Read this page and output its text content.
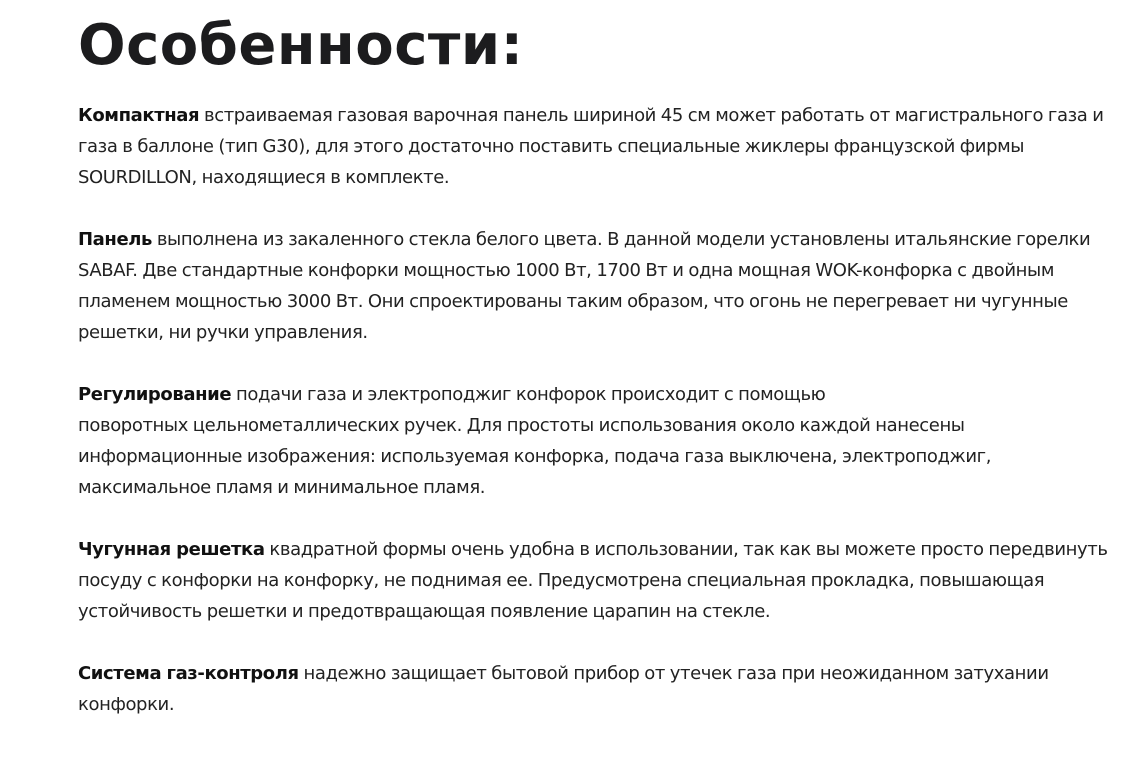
Особенности:

Компактная встраиваемая газовая варочная панель шириной 45 см может работать от магистрального газа и газа в баллоне (тип G30), для этого достаточно поставить специальные жиклеры французской фирмы SOURDILLON, находящиеся в комплекте.

Панель выполнена из закаленного стекла белого цвета. В данной модели установлены итальянские горелки SABAF. Две стандартные конфорки мощностью 1000 Вт, 1700 Вт и одна мощная WOK-конфорка с двойным пламенем мощностью 3000 Вт. Они спроектированы таким образом, что огонь не перегревает ни чугунные решетки, ни ручки управления.

Регулирование подачи газа и электроподжиг конфорок происходит с помощью
поворотных цельнометаллических ручек. Для простоты использования около каждой нанесены информационные изображения: используемая конфорка, подача газа выключена, электроподжиг, максимальное пламя и минимальное пламя.

Чугунная решетка квадратной формы очень удобна в использовании, так как вы можете просто передвинуть посуду с конфорки на конфорку, не поднимая ее. Предусмотрена специальная прокладка, повышающая устойчивость решетки и предотвращающая появление царапин на стекле.

Система газ-контроля надежно защищает бытовой прибор от утечек газа при неожиданном затухании конфорки.
